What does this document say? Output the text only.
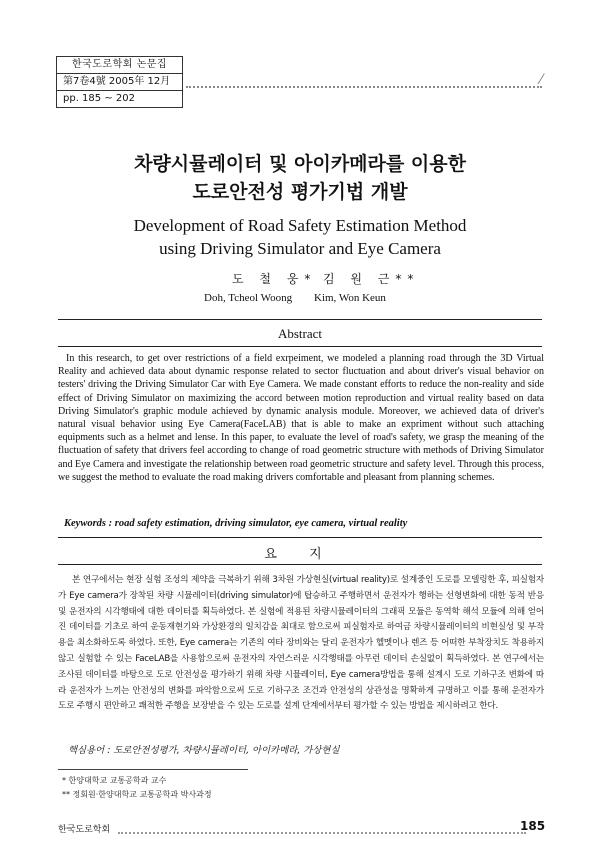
한국도로학회 논문집
第7卷4號 2005年 12月
pp. 185 ~ 202
⁄
차량시뮬레이터 및 아이카메라를 이용한
도로안전성 평가기법 개발
Development of Road Safety Estimation Method
using Driving Simulator and Eye Camera
도 철 웅* 김 원 근**
Doh, Tcheol Woong Kim, Won Keun
Abstract
In this research, to get over restrictions of a field exrpeiment, we modeled a planning road through the 3D Virtual Reality and achieved data about dynamic response related to sector fluctuation and about driver's visual behavior on testers' driving the Driving Simulator Car with Eye Camera. We made constant efforts to reduce the non-reality and side effect of Driving Simulator on maximizing the accord between motion reproduction and virtual reality based on data Driving Simulator's graphic module achieved by dynamic analysis module. Moreover, we achieved data of driver's natural visual behavior using Eye Camera(FaceLAB) that is able to make an expriment without such attaching equipments such as a helmet and lense. In this paper, to evaluate the level of road's safety, we grasp the meaning of the fluctuation of safety that drivers feel according to change of road geometric structure with methods of Driving Simulator and Eye Camera and investigate the relationship between road geometric structure and safety level. Through this process, we suggest the method to evaluate the road making drivers comfortable and pleasant from planning schemes.
Keywords : road safety estimation, driving simulator, eye camera, virtual reality
요 지
본 연구에서는 현장 실험 조성의 제약을 극복하기 위해 3차원 가상현실(virtual reality)로 설계중인 도로를 모델링한 후, 피실험자가 Eye camera가 장착된 차량 시뮬레이터(driving simulator)에 탑승하고 주행하면서 운전자가 행하는 선형변화에 대한 동적 반응 및 운전자의 시각행태에 대한 데이터를 획득하였다. 본 실험에 적용된 차량시뮬레이터의 그래픽 모듈은 동역학 해석 모듈에 의해 얻어진 데이터를 기초로 하여 운동재현기와 가상환경의 일치감을 최대로 함으로써 피실험자로 하여금 차량시뮬레이터의 비현실성 및 부작용을 최소화하도록 하였다. 또한, Eye camera는 기존의 여타 장비와는 달리 운전자가 헬멧이나 렌즈 등 어떠한 부착장치도 착용하지 않고 실험할 수 있는 FaceLAB을 사용함으로써 운전자의 자연스러운 시각행태를 아무런 데이터 손실없이 획득하였다. 본 연구에서는 조사된 데이터를 바탕으로 도로 안전성을 평가하기 위해 차량 시뮬레이터, Eye camera방법을 통해 설계시 도로 기하구조 변화에 따라 운전자가 느끼는 안전성의 변화를 파악함으로써 도로 기하구조 조건과 안전성의 상관성을 명확하게 규명하고 이를 통해 운전자가 도로 주행시 편안하고 쾌적한 주행을 보장받을 수 있는 도로를 설계 단계에서부터 평가할 수 있는 방법을 제시하려고 한다.
핵심용어 : 도로안전성평가, 차량시뮬레이터, 아이카메라, 가상현실
* 한양대학교 교통공학과 교수
** 정회원·한양대학교 교통공학과 박사과정
한국도로학회	185
